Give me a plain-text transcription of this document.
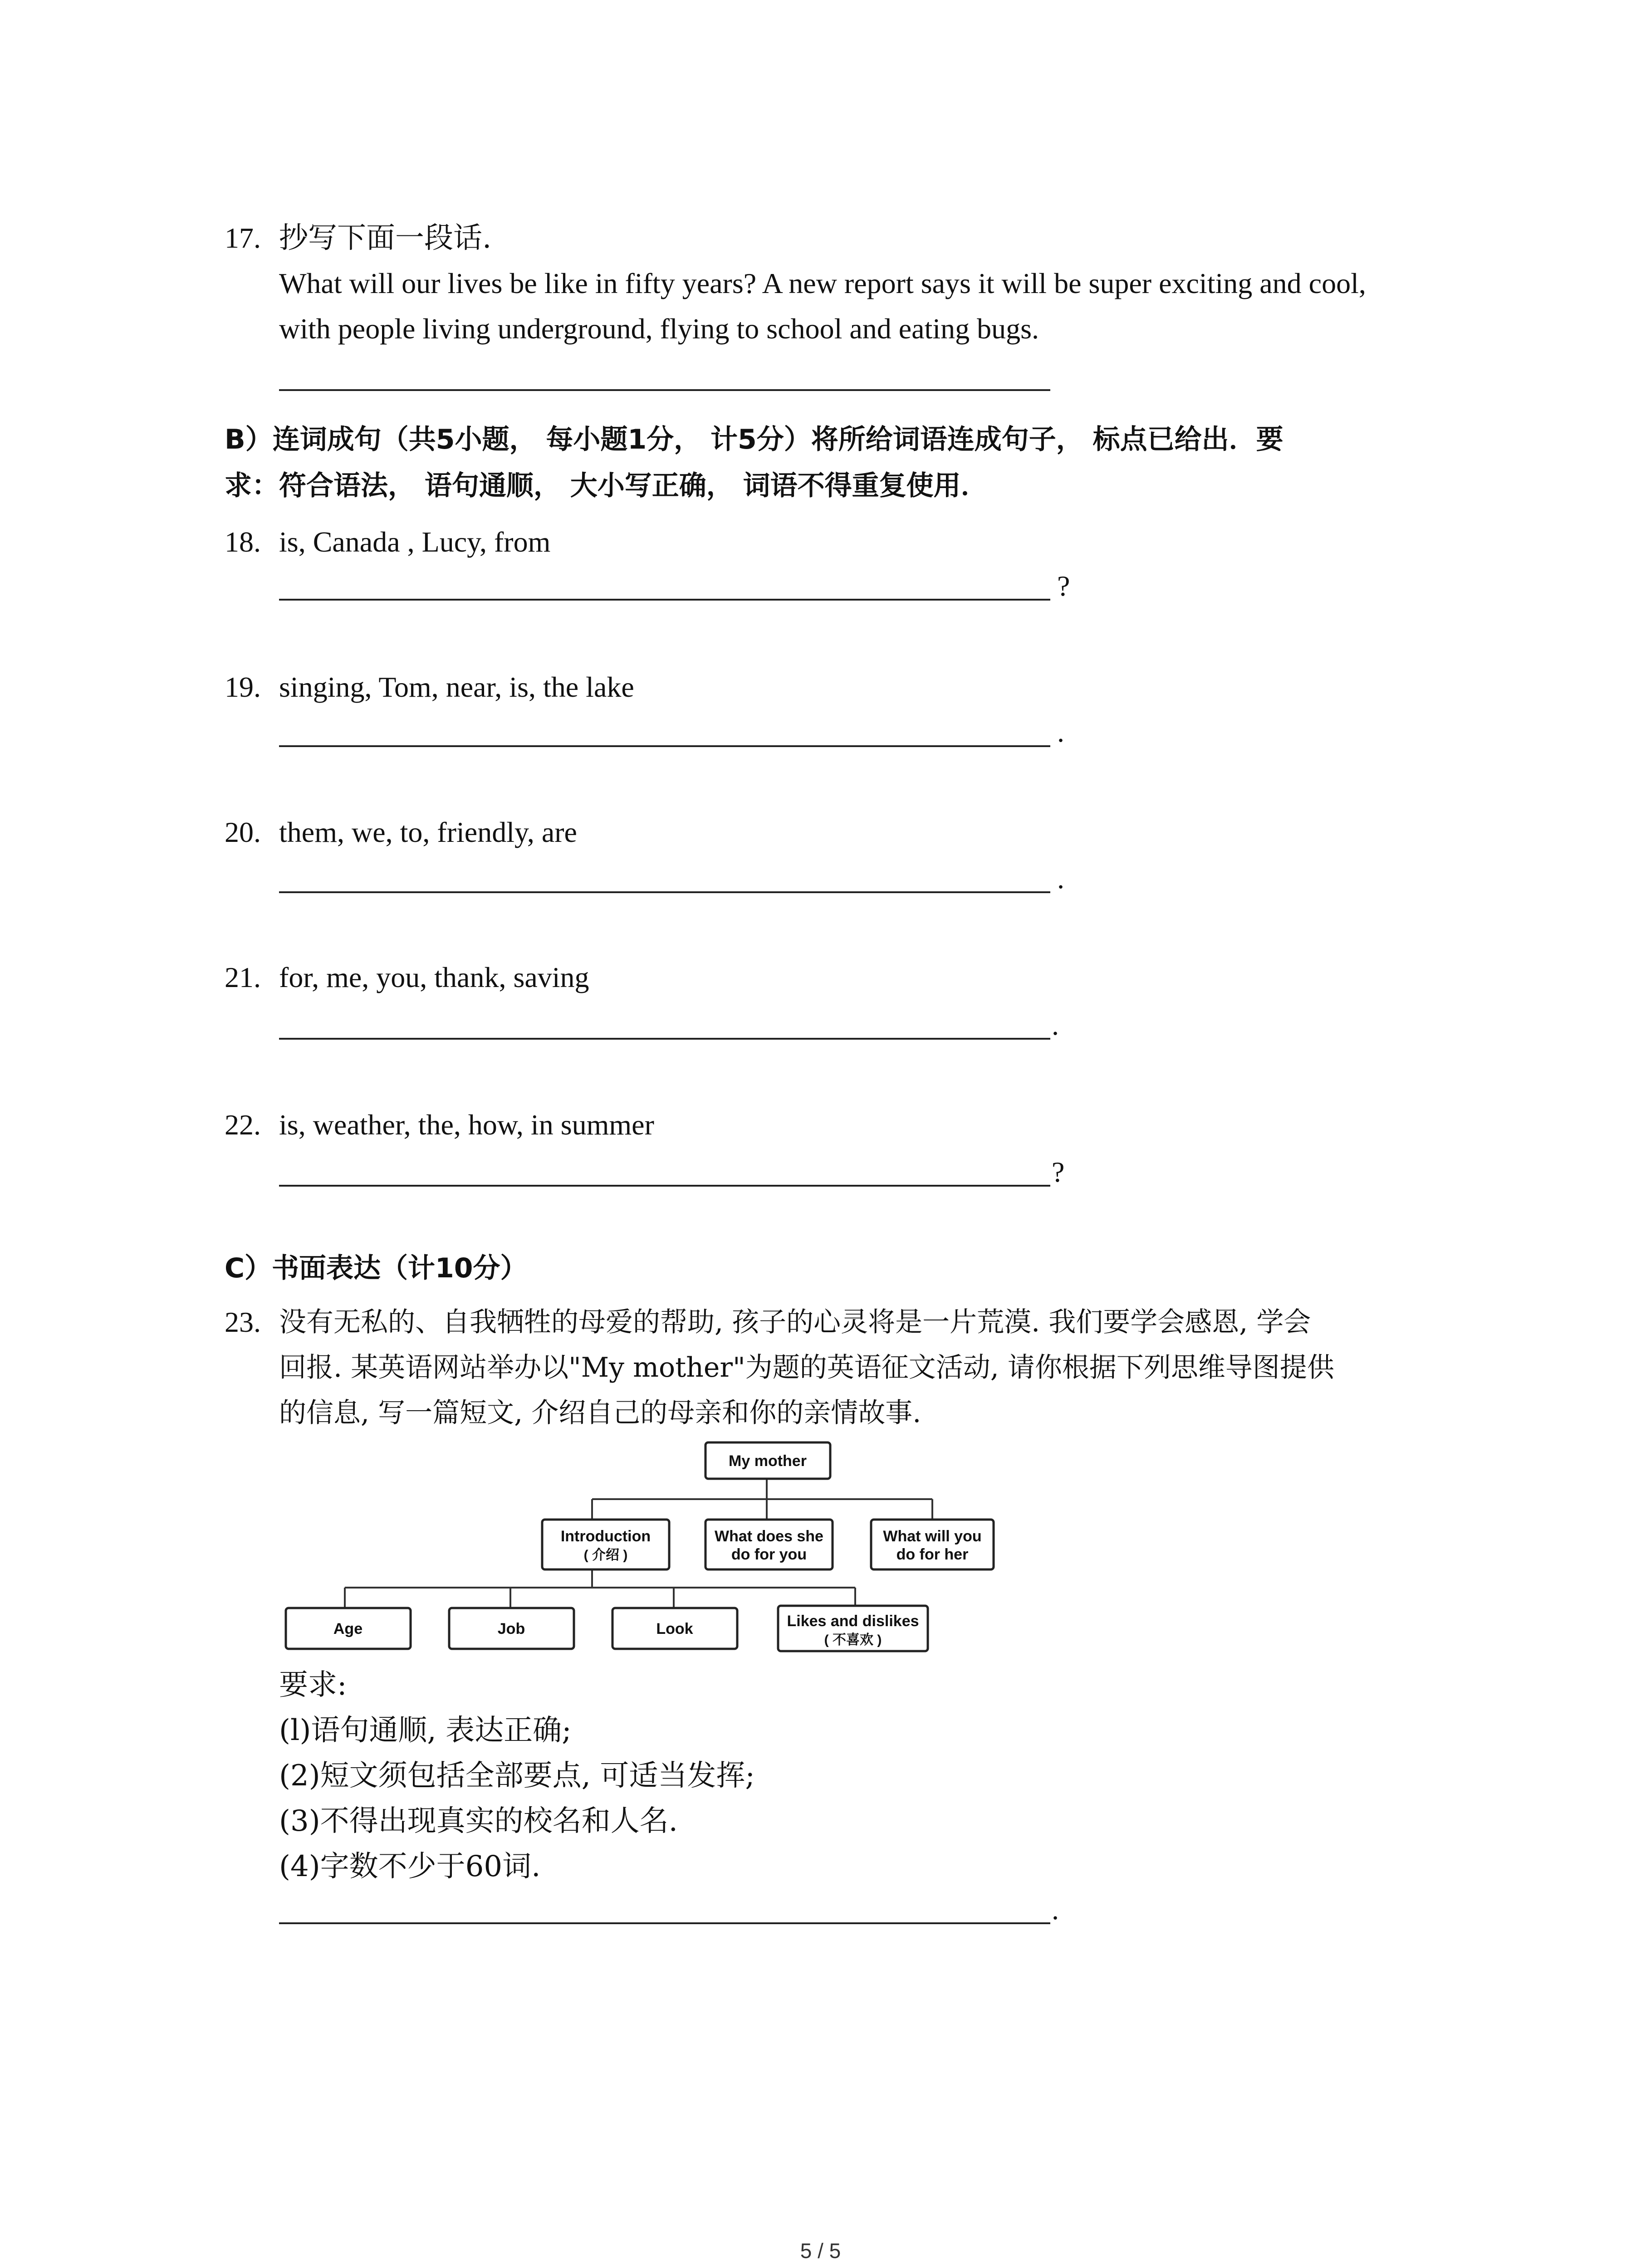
17. 抄写下面一段话.
What will our lives be like in fifty years? A new report says it will be super exciting and cool,
with people living underground, flying to school and eating bugs.
B）连词成句（共5小题， 每小题1分， 计5分）将所给词语连成句子， 标点已给出．要
求：符合语法， 语句通顺， 大小写正确， 词语不得重复使用．
18. is, Canada , Lucy, from
?
19. singing, Tom, near, is, the lake
.
20. them, we, to, friendly, are
.
21. for, me, you, thank, saving
.
22. is, weather, the, how, in summer
?
C）书面表达（计10分）
23. 没有无私的、自我牺牲的母爱的帮助, 孩子的心灵将是一片荒漠. 我们要学会感恩, 学会
回报. 某英语网站举办以"My mother"为题的英语征文活动, 请你根据下列思维导图提供
的信息, 写一篇短文, 介绍自己的母亲和你的亲情故事.
My mother
Introduction
( 介绍 )
What does she
do for you
What will you
do for her
Age	Job	Look	Likes and dislikes
( 不喜欢 )
要求:
(l)语句通顺, 表达正确;
(2)短文须包括全部要点, 可适当发挥;
(3)不得出现真实的校名和人名.
(4)字数不少于60词.
.
5 / 5
